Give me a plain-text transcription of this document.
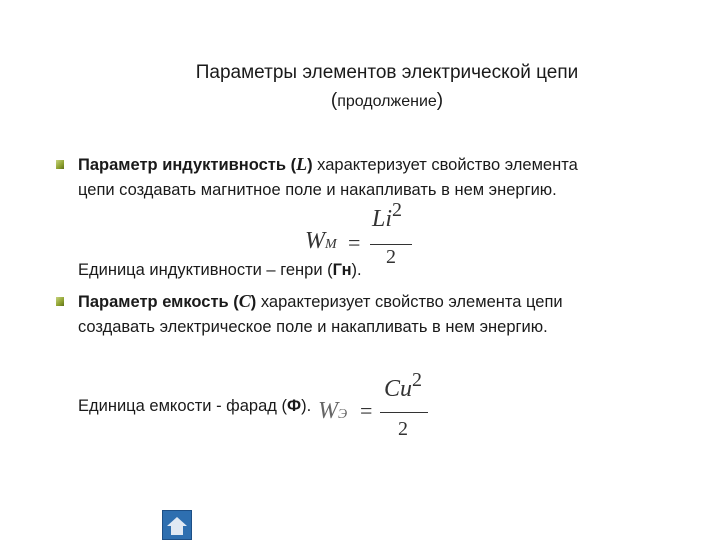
Параметры элементов электрической цепи
(продолжение)
Параметр индуктивность (L) характеризует свойство элемента
цепи создавать магнитное поле и накапливать в нем энергию.
WМ =
$Li^2$
Единица индуктивности – генри (Гн).
2
Параметр емкость (C) характеризует свойство элемента цепи
создавать электрическое поле и накапливать в нем энергию.
Единица емкости - фарад (Ф). WЭ =
$Cu^2$
2
